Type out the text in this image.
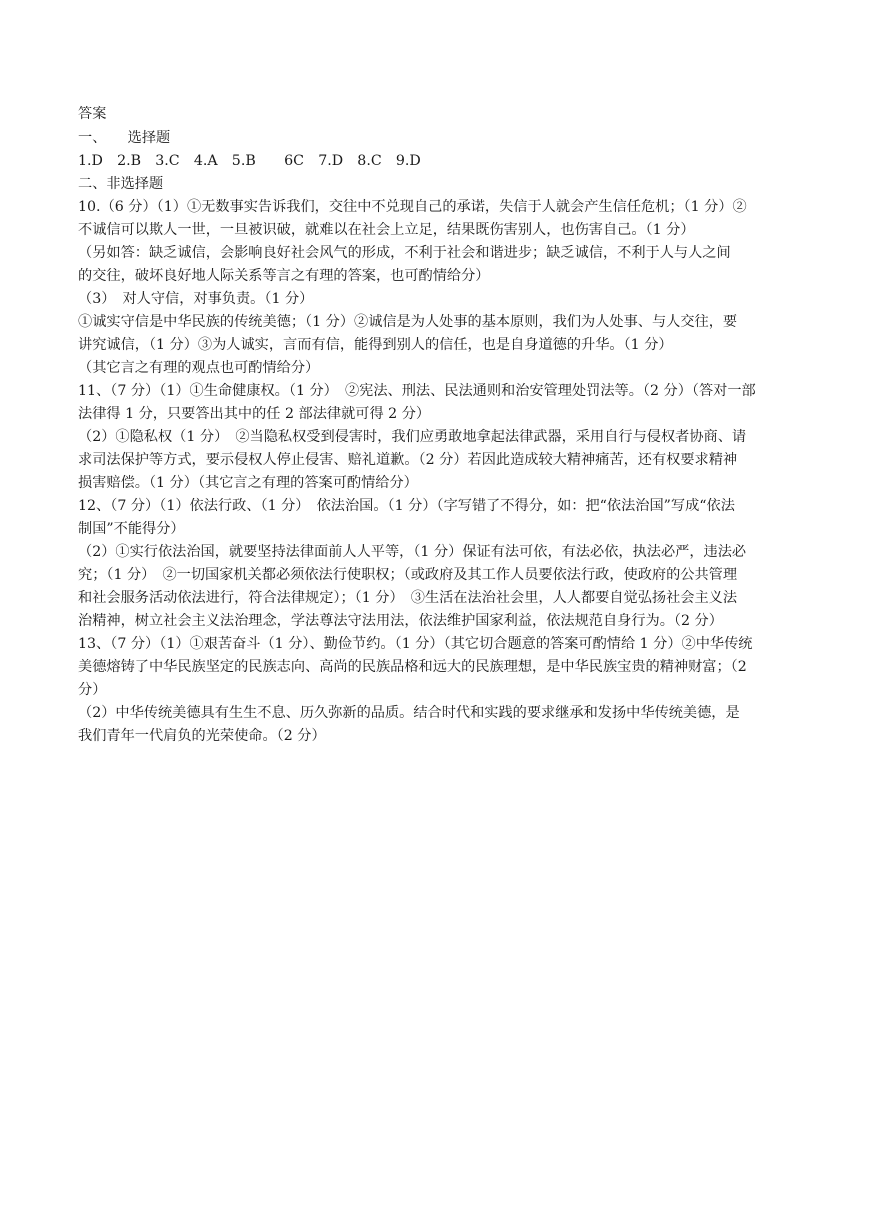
答案
一、　　选择题
1.D　2.B　3.C　4.A　5.B　　6C　7.D　8.C　9.D
二、非选择题
10.（6 分）（1）①无数事实告诉我们，交往中不兑现自己的承诺，失信于人就会产生信任危机；（1 分）②
不诚信可以欺人一世，一旦被识破，就难以在社会上立足，结果既伤害别人，也伤害自己。（1 分）
（另如答：缺乏诚信，会影响良好社会风气的形成，不利于社会和谐进步；缺乏诚信，不利于人与人之间
的交往，破坏良好地人际关系等言之有理的答案，也可酌情给分）
（3）　对人守信，对事负责。（1 分）
①诚实守信是中华民族的传统美德；（1 分）②诚信是为人处事的基本原则，我们为人处事、与人交往，要
讲究诚信，（1 分）③为人诚实，言而有信，能得到别人的信任，也是自身道德的升华。（1 分）
（其它言之有理的观点也可酌情给分）
11、（7 分）（1）①生命健康权。（1 分）　②宪法、刑法、民法通则和治安管理处罚法等。（2 分）（答对一部
法律得 1 分，只要答出其中的任 2 部法律就可得 2 分）
（2）①隐私权（1 分）　②当隐私权受到侵害时，我们应勇敢地拿起法律武器，采用自行与侵权者协商、请
求司法保护等方式，要示侵权人停止侵害、赔礼道歉。（2 分）若因此造成较大精神痛苦，还有权要求精神
损害赔偿。（1 分）（其它言之有理的答案可酌情给分）
12、（7 分）（1）依法行政、（1 分）　依法治国。（1 分）（字写错了不得分，如：把“依法治国”写成“依法
制国”不能得分）
（2）①实行依法治国，就要坚持法律面前人人平等，（1 分）保证有法可依，有法必依，执法必严，违法必
究；（1 分）　②一切国家机关都必须依法行使职权；（或政府及其工作人员要依法行政，使政府的公共管理
和社会服务活动依法进行，符合法律规定）；（1 分）　③生活在法治社会里，人人都要自觉弘扬社会主义法
治精神，树立社会主义法治理念，学法尊法守法用法，依法维护国家利益，依法规范自身行为。（2 分）
13、（7 分）（1）①艰苦奋斗（1 分）、勤俭节约。（1 分）（其它切合题意的答案可酌情给 1 分）②中华传统
美德熔铸了中华民族坚定的民族志向、高尚的民族品格和远大的民族理想，是中华民族宝贵的精神财富；（2
分）
（2）中华传统美德具有生生不息、历久弥新的品质。结合时代和实践的要求继承和发扬中华传统美德，是
我们青年一代肩负的光荣使命。（2 分）
